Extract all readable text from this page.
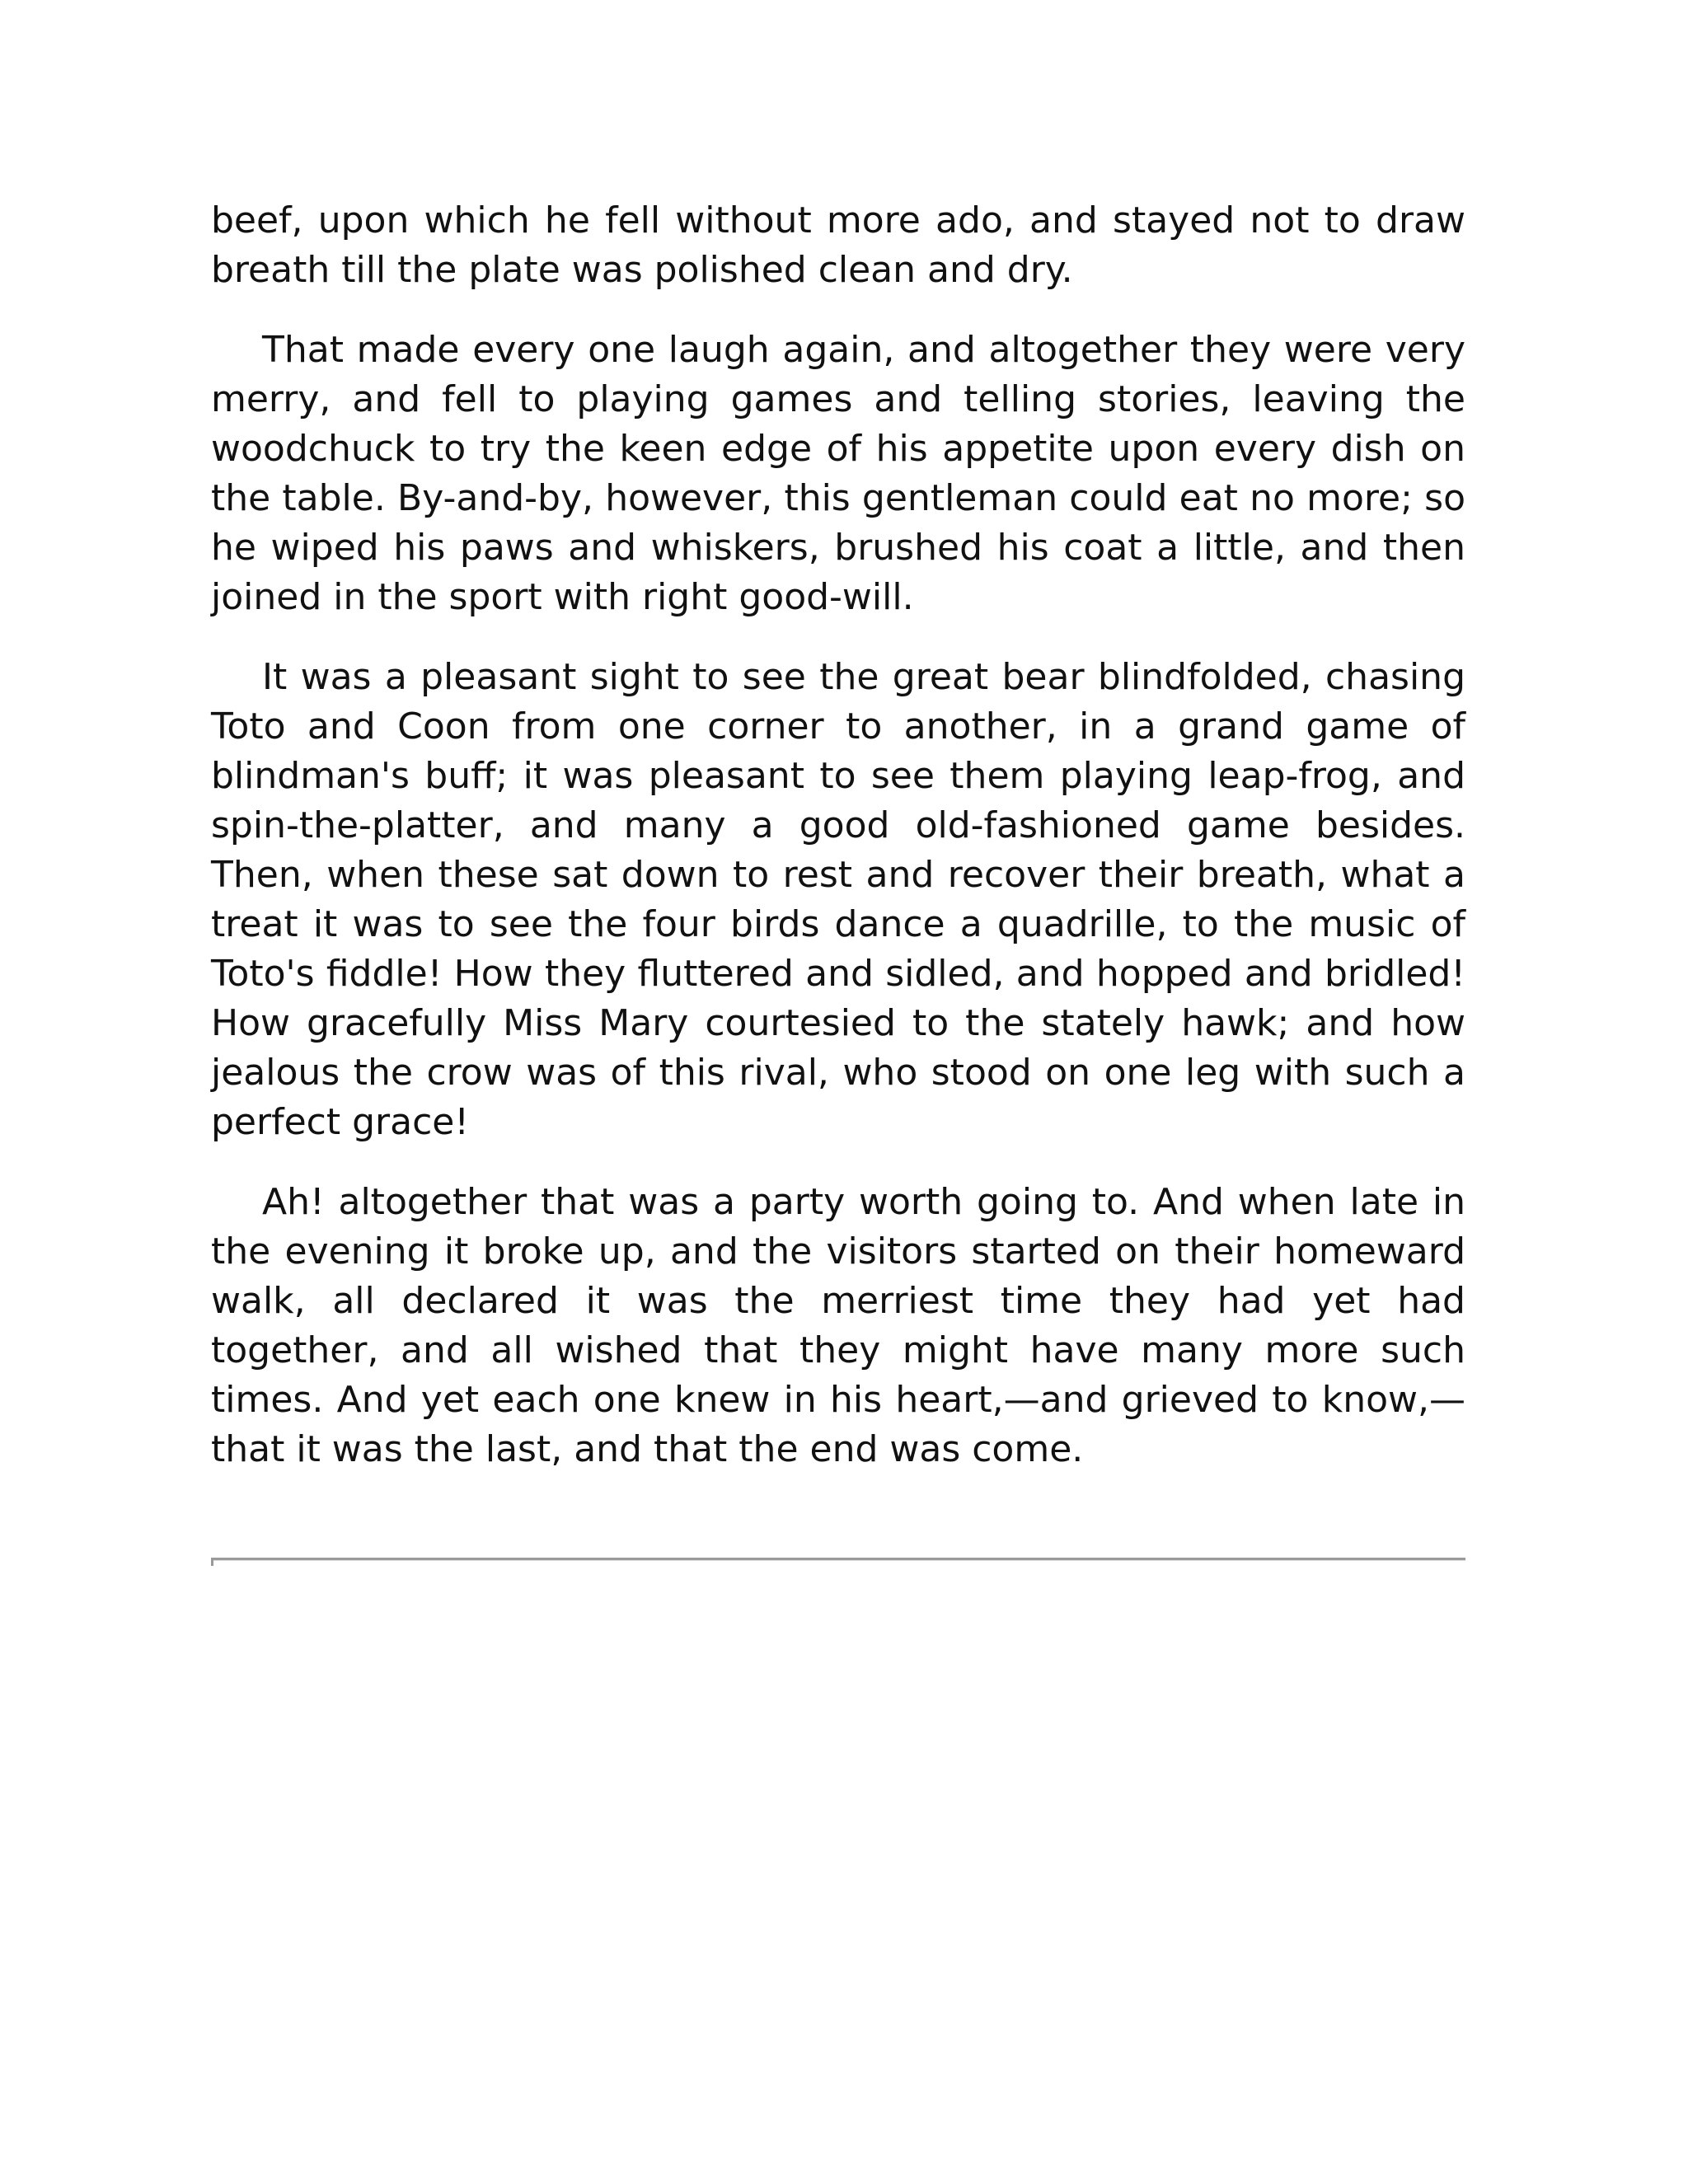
beef, upon which he fell without more ado, and stayed not to draw breath till the plate was polished clean and dry.

That made every one laugh again, and altogether they were very merry, and fell to playing games and telling stories, leaving the woodchuck to try the keen edge of his appetite upon every dish on the table. By-and-by, however, this gentleman could eat no more; so he wiped his paws and whiskers, brushed his coat a little, and then joined in the sport with right good-will.

It was a pleasant sight to see the great bear blindfolded, chasing Toto and Coon from one corner to another, in a grand game of blindman's buff; it was pleasant to see them playing leap-frog, and spin-the-platter, and many a good old-fashioned game besides. Then, when these sat down to rest and recover their breath, what a treat it was to see the four birds dance a quadrille, to the music of Toto's fiddle! How they fluttered and sidled, and hopped and bridled! How gracefully Miss Mary courtesied to the stately hawk; and how jealous the crow was of this rival, who stood on one leg with such a perfect grace!

Ah! altogether that was a party worth going to. And when late in the evening it broke up, and the visitors started on their homeward walk, all declared it was the merriest time they had yet had together, and all wished that they might have many more such times. And yet each one knew in his heart,—and grieved to know,—that it was the last, and that the end was come.
